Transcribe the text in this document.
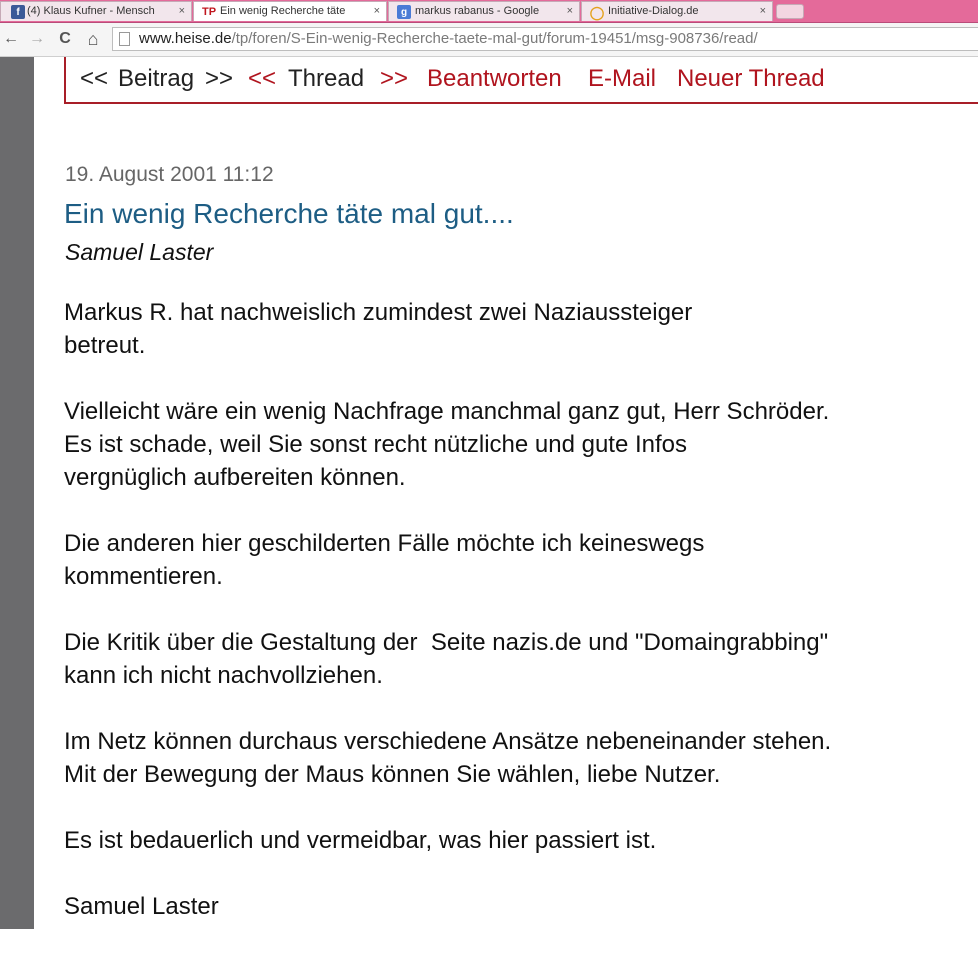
f (4) Klaus Kufner - Mensch	× TP Ein wenig Recherche täte	×	g markus rabanus - Google	× ◯ Initiative-Dialog.de	×
← → C ⌂	www.heise.de/tp/foren/S-Ein-wenig-Recherche-taete-mal-gut/forum-19451/msg-908736/read/
<< Beitrag >> << Thread >> Beantworten E-Mail Neuer Thread
19. August 2001 11:12
Ein wenig Recherche täte mal gut....
Samuel Laster

Markus R. hat nachweislich zumindest zwei Naziaussteiger
betreut.

Vielleicht wäre ein wenig Nachfrage manchmal ganz gut, Herr Schröder.
Es ist schade, weil Sie sonst recht nützliche und gute Infos
vergnüglich aufbereiten können.

Die anderen hier geschilderten Fälle möchte ich keineswegs
kommentieren.

Die Kritik über die Gestaltung der  Seite nazis.de und "Domaingrabbing"
kann ich nicht nachvollziehen.

Im Netz können durchaus verschiedene Ansätze nebeneinander stehen.
Mit der Bewegung der Maus können Sie wählen, liebe Nutzer.

Es ist bedauerlich und vermeidbar, was hier passiert ist.

Samuel Laster
